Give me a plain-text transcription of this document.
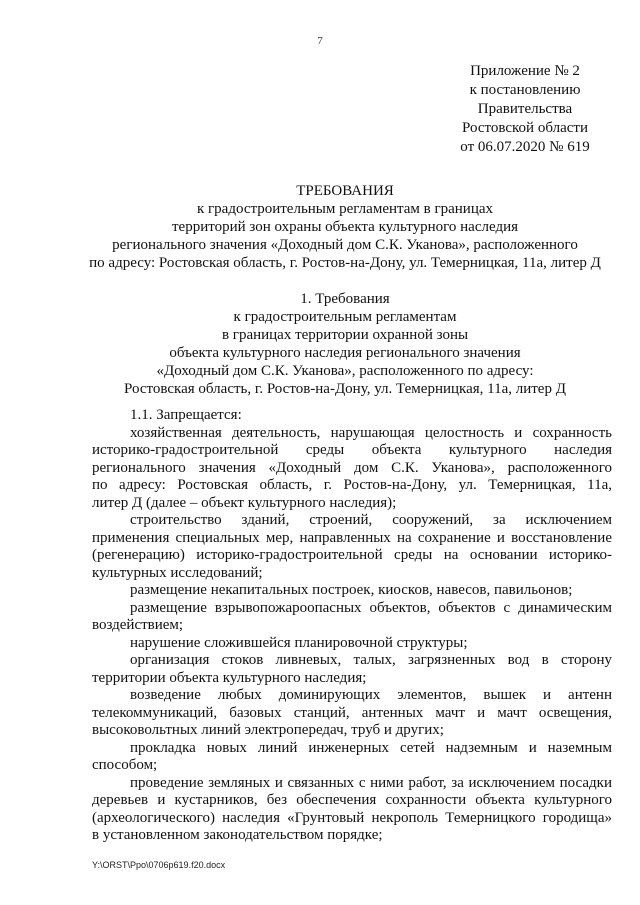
7
Приложение № 2
к постановлению
Правительства
Ростовской области
от 06.07.2020 № 619
ТРЕБОВАНИЯ
к градостроительным регламентам в границах
территорий зон охраны объекта культурного наследия
регионального значения «Доходный дом С.К. Уканова», расположенного
по адресу: Ростовская область, г. Ростов-на-Дону, ул. Темерницкая, 11а, литер Д
1. Требования
к градостроительным регламентам
в границах территории охранной зоны
объекта культурного наследия регионального значения
«Доходный дом С.К. Уканова», расположенного по адресу:
Ростовская область, г. Ростов-на-Дону, ул. Темерницкая, 11а, литер Д
1.1. Запрещается:
хозяйственная деятельность, нарушающая целостность и сохранность
историко-градостроительной среды объекта культурного наследия
регионального значения «Доходный дом С.К. Уканова», расположенного
по адресу: Ростовская область, г. Ростов-на-Дону, ул. Темерницкая, 11а,
литер Д (далее – объект культурного наследия);
строительство зданий, строений, сооружений, за исключением
применения специальных мер, направленных на сохранение и восстановление
(регенерацию) историко-градостроительной среды на основании историко-
культурных исследований;
размещение некапитальных построек, киосков, навесов, павильонов;
размещение взрывопожароопасных объектов, объектов с динамическим
воздействием;
нарушение сложившейся планировочной структуры;
организация стоков ливневых, талых, загрязненных вод в сторону
территории объекта культурного наследия;
возведение любых доминирующих элементов, вышек и антенн
телекоммуникаций, базовых станций, антенных мачт и мачт освещения,
высоковольтных линий электропередач, труб и других;
прокладка новых линий инженерных сетей надземным и наземным
способом;
проведение земляных и связанных с ними работ, за исключением посадки
деревьев и кустарников, без обеспечения сохранности объекта культурного
(археологического) наследия «Грунтовый некрополь Темерницкого городища»
в установленном законодательством порядке;
Y:\ORST\Ppo\0706p619.f20.docx
